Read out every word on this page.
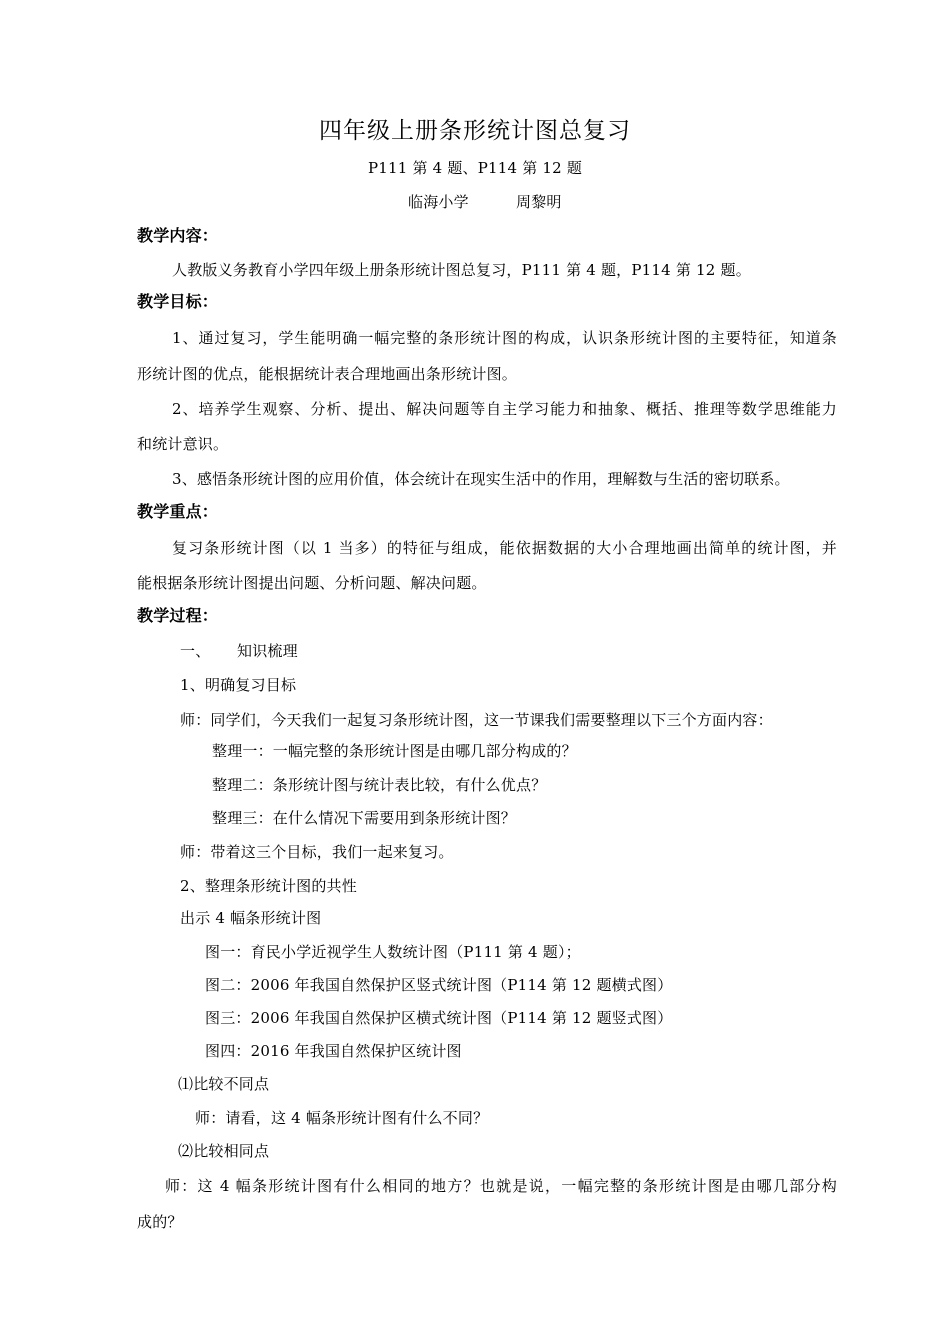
四年级上册条形统计图总复习
P111 第 4 题、P114 第 12 题
临海小学	周黎明
教学内容：
人教版义务教育小学四年级上册条形统计图总复习，P111 第 4 题，P114 第 12 题。
教学目标：
1、通过复习，学生能明确一幅完整的条形统计图的构成，认识条形统计图的主要特征，知道条
形统计图的优点，能根据统计表合理地画出条形统计图。
2、培养学生观察、分析、提出、解决问题等自主学习能力和抽象、概括、推理等数学思维能力
和统计意识。
3、感悟条形统计图的应用价值，体会统计在现实生活中的作用，理解数与生活的密切联系。
教学重点：
复习条形统计图（以 1 当多）的特征与组成，能依据数据的大小合理地画出简单的统计图，并
能根据条形统计图提出问题、分析问题、解决问题。
教学过程：
一、 知识梳理
1、明确复习目标
师：同学们，今天我们一起复习条形统计图，这一节课我们需要整理以下三个方面内容：
整理一：一幅完整的条形统计图是由哪几部分构成的？
整理二：条形统计图与统计表比较，有什么优点？
整理三：在什么情况下需要用到条形统计图？
师：带着这三个目标，我们一起来复习。
2、整理条形统计图的共性
出示 4 幅条形统计图
图一：育民小学近视学生人数统计图（P111 第 4 题）；
图二：2006 年我国自然保护区竖式统计图（P114 第 12 题横式图）
图三：2006 年我国自然保护区横式统计图（P114 第 12 题竖式图）
图四：2016 年我国自然保护区统计图
⑴比较不同点
师：请看，这 4 幅条形统计图有什么不同？
⑵比较相同点
师：这 4 幅条形统计图有什么相同的地方？也就是说，一幅完整的条形统计图是由哪几部分构
成的？
